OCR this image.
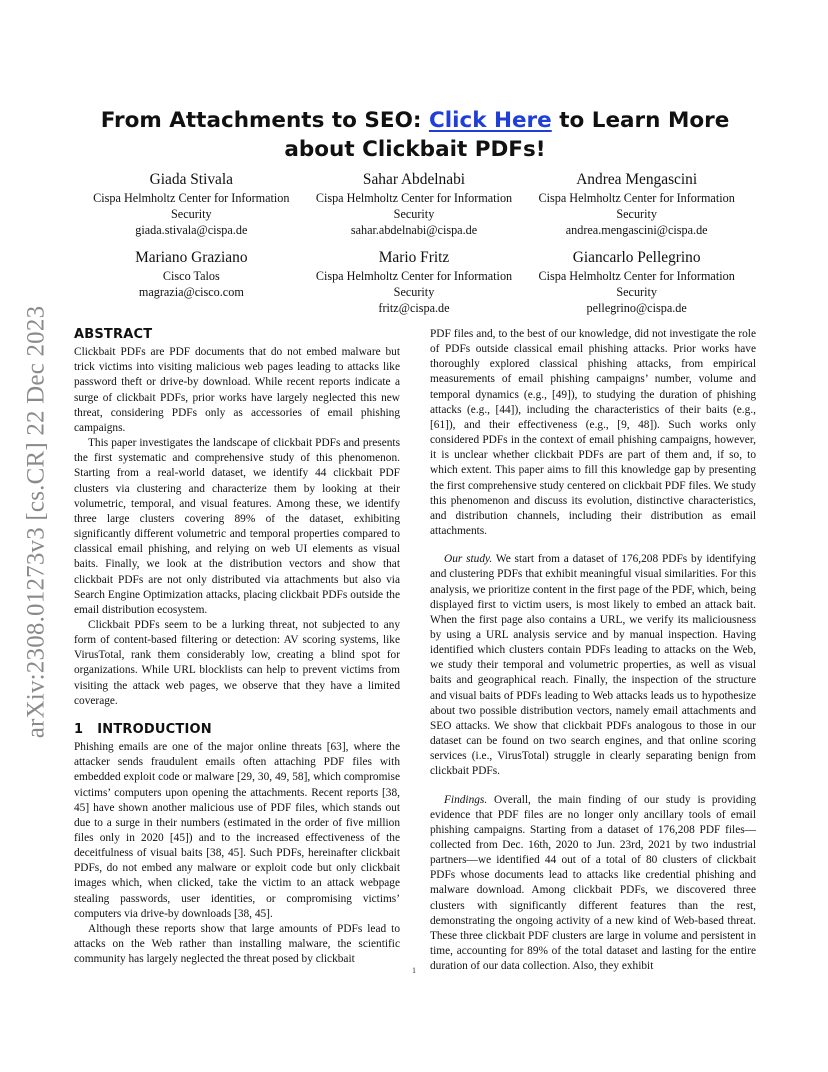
arXiv:2308.01273v3 [cs.CR] 22 Dec 2023
From Attachments to SEO: Click Here to Learn More about Clickbait PDFs!
Giada Stivala
Cispa Helmholtz Center for Information Security
giada.stivala@cispa.de
Sahar Abdelnabi
Cispa Helmholtz Center for Information Security
sahar.abdelnabi@cispa.de
Andrea Mengascini
Cispa Helmholtz Center for Information Security
andrea.mengascini@cispa.de
Mariano Graziano
Cisco Talos
magrazia@cisco.com
Mario Fritz
Cispa Helmholtz Center for Information Security
fritz@cispa.de
Giancarlo Pellegrino
Cispa Helmholtz Center for Information Security
pellegrino@cispa.de
ABSTRACT

Clickbait PDFs are PDF documents that do not embed malware but trick victims into visiting malicious web pages leading to attacks like password theft or drive-by download. While recent reports indicate a surge of clickbait PDFs, prior works have largely neglected this new threat, considering PDFs only as accessories of email phishing campaigns.

This paper investigates the landscape of clickbait PDFs and presents the first systematic and comprehensive study of this phenomenon. Starting from a real-world dataset, we identify 44 clickbait PDF clusters via clustering and characterize them by looking at their volumetric, temporal, and visual features. Among these, we identify three large clusters covering 89% of the dataset, exhibiting significantly different volumetric and temporal properties compared to classical email phishing, and relying on web UI elements as visual baits. Finally, we look at the distribution vectors and show that clickbait PDFs are not only distributed via attachments but also via Search Engine Optimization attacks, placing clickbait PDFs outside the email distribution ecosystem.

Clickbait PDFs seem to be a lurking threat, not subjected to any form of content-based filtering or detection: AV scoring systems, like VirusTotal, rank them considerably low, creating a blind spot for organizations. While URL blocklists can help to prevent victims from visiting the attack web pages, we observe that they have a limited coverage.

1 INTRODUCTION

Phishing emails are one of the major online threats [63], where the attacker sends fraudulent emails often attaching PDF files with embedded exploit code or malware [29, 30, 49, 58], which compromise victims’ computers upon opening the attachments. Recent reports [38, 45] have shown another malicious use of PDF files, which stands out due to a surge in their numbers (estimated in the order of five million files only in 2020 [45]) and to the increased effectiveness of the deceitfulness of visual baits [38, 45]. Such PDFs, hereinafter clickbait PDFs, do not embed any malware or exploit code but only clickbait images which, when clicked, take the victim to an attack webpage stealing passwords, user identities, or compromising victims’ computers via drive-by downloads [38, 45].

Although these reports show that large amounts of PDFs lead to attacks on the Web rather than installing malware, the scientific community has largely neglected the threat posed by clickbait

PDF files and, to the best of our knowledge, did not investigate the role of PDFs outside classical email phishing attacks. Prior works have thoroughly explored classical phishing attacks, from empirical measurements of email phishing campaigns’ number, volume and temporal dynamics (e.g., [49]), to studying the duration of phishing attacks (e.g., [44]), including the characteristics of their baits (e.g., [61]), and their effectiveness (e.g., [9, 48]). Such works only considered PDFs in the context of email phishing campaigns, however, it is unclear whether clickbait PDFs are part of them and, if so, to which extent. This paper aims to fill this knowledge gap by presenting the first comprehensive study centered on clickbait PDF files. We study this phenomenon and discuss its evolution, distinctive characteristics, and distribution channels, including their distribution as email attachments.

Our study. We start from a dataset of 176,208 PDFs by identifying and clustering PDFs that exhibit meaningful visual similarities. For this analysis, we prioritize content in the first page of the PDF, which, being displayed first to victim users, is most likely to embed an attack bait. When the first page also contains a URL, we verify its maliciousness by using a URL analysis service and by manual inspection. Having identified which clusters contain PDFs leading to attacks on the Web, we study their temporal and volumetric properties, as well as visual baits and geographical reach. Finally, the inspection of the structure and visual baits of PDFs leading to Web attacks leads us to hypothesize about two possible distribution vectors, namely email attachments and SEO attacks. We show that clickbait PDFs analogous to those in our dataset can be found on two search engines, and that online scoring services (i.e., VirusTotal) struggle in clearly separating benign from clickbait PDFs.

Findings. Overall, the main finding of our study is providing evidence that PDF files are no longer only ancillary tools of email phishing campaigns. Starting from a dataset of 176,208 PDF files—collected from Dec. 16th, 2020 to Jun. 23rd, 2021 by two industrial partners—we identified 44 out of a total of 80 clusters of clickbait PDFs whose documents lead to attacks like credential phishing and malware download. Among clickbait PDFs, we discovered three clusters with significantly different features than the rest, demonstrating the ongoing activity of a new kind of Web-based threat. These three clickbait PDF clusters are large in volume and persistent in time, accounting for 89% of the total dataset and lasting for the entire duration of our data collection. Also, they exhibit

1
